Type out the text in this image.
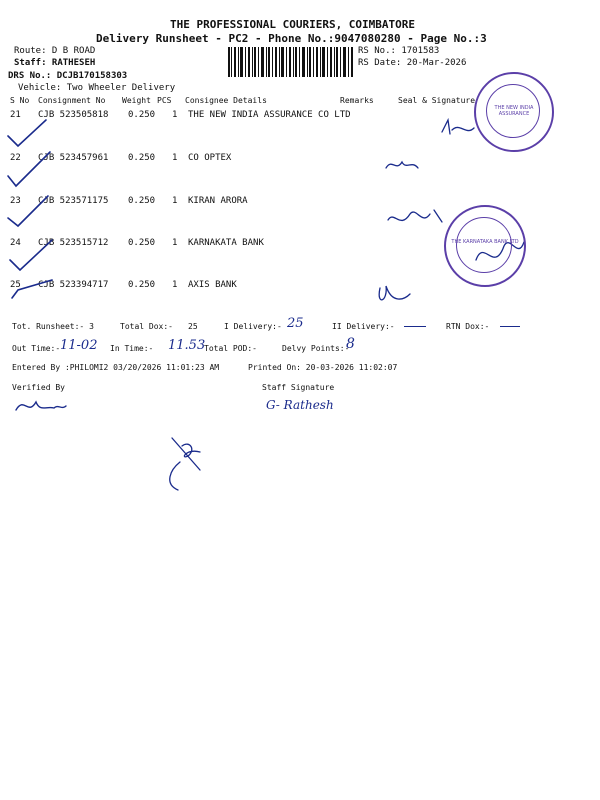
THE PROFESSIONAL COURIERS, COIMBATORE
Delivery Runsheet - PC2 - Phone No.:9047080280 - Page No.:3
Route: D B ROAD
Staff: RATHESEH
DRS No.: DCJB170158303
Vehicle: Two Wheeler Delivery
RS No.: 1701583
RS Date: 20-Mar-2026
S No Consignment No Weight PCS Consignee Details	Remarks	Seal & Signature
21 CJB 523505818 0.250 1 THE NEW INDIA ASSURANCE CO LTD
22 CJB 523457961 0.250 1 CO OPTEX
23 CJB 523571175 0.250 1 KIRAN ARORA
24 CJB 523515712 0.250 1 KARNAKATA BANK
25 CJB 523394717 0.250 1 AXIS BANK
THE NEW INDIA ASSURANCE
THE KARNATAKA BANK LTD
Tot. Runsheet:- 3	Total Dox:- 25	I Delivery:- 25	II Delivery:-	RTN Dox:-
Out Time:- 11-02 In Time:- 11.53
Total POD:-	Delvy Points:-
8
Entered By :PHILOMI2 03/20/2026 11:01:23 AM	Printed On: 20-03-2026 11:02:07
Verified By	Staff Signature
G- Rathesh
